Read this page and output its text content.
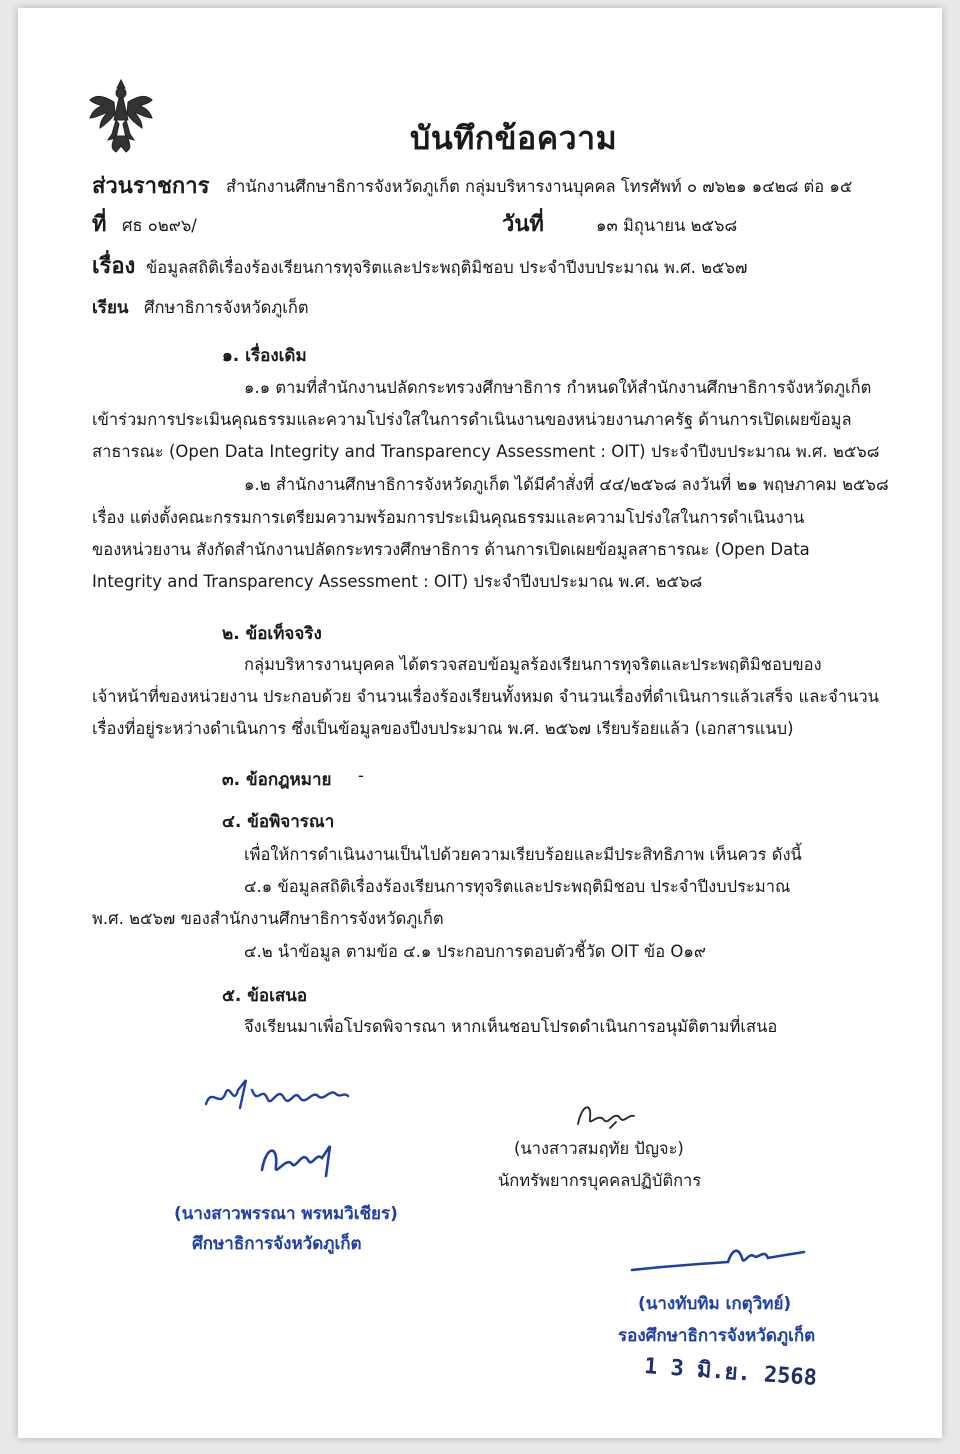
บันทึกข้อความ
ส่วนราชการ สำนักงานศึกษาธิการจังหวัดภูเก็ต กลุ่มบริหารงานบุคคล โทรศัพท์ ๐ ๗๖๒๑ ๑๔๒๘ ต่อ ๑๕
ที่ ศธ ๐๒๙๖/	วันที่	๑๓ มิถุนายน ๒๕๖๘
เรื่อง ข้อมูลสถิติเรื่องร้องเรียนการทุจริตและประพฤติมิชอบ ประจำปีงบประมาณ พ.ศ. ๒๕๖๗
เรียน ศึกษาธิการจังหวัดภูเก็ต
๑. เรื่องเดิม
๑.๑ ตามที่สำนักงานปลัดกระทรวงศึกษาธิการ กำหนดให้สำนักงานศึกษาธิการจังหวัดภูเก็ต
เข้าร่วมการประเมินคุณธรรมและความโปร่งใสในการดำเนินงานของหน่วยงานภาครัฐ ด้านการเปิดเผยข้อมูล
สาธารณะ (Open Data Integrity and Transparency Assessment : OIT) ประจำปีงบประมาณ พ.ศ. ๒๕๖๘
๑.๒ สำนักงานศึกษาธิการจังหวัดภูเก็ต ได้มีคำสั่งที่ ๔๔/๒๕๖๘ ลงวันที่ ๒๑ พฤษภาคม ๒๕๖๘
เรื่อง แต่งตั้งคณะกรรมการเตรียมความพร้อมการประเมินคุณธรรมและความโปร่งใสในการดำเนินงาน
ของหน่วยงาน สังกัดสำนักงานปลัดกระทรวงศึกษาธิการ ด้านการเปิดเผยข้อมูลสาธารณะ (Open Data
Integrity and Transparency Assessment : OIT) ประจำปีงบประมาณ พ.ศ. ๒๕๖๘
๒. ข้อเท็จจริง
กลุ่มบริหารงานบุคคล ได้ตรวจสอบข้อมูลร้องเรียนการทุจริตและประพฤติมิชอบของ
เจ้าหน้าที่ของหน่วยงาน ประกอบด้วย จำนวนเรื่องร้องเรียนทั้งหมด จำนวนเรื่องที่ดำเนินการแล้วเสร็จ และจำนวน
เรื่องที่อยู่ระหว่างดำเนินการ ซึ่งเป็นข้อมูลของปีงบประมาณ พ.ศ. ๒๕๖๗ เรียบร้อยแล้ว (เอกสารแนบ)
๓. ข้อกฎหมาย -
๔. ข้อพิจารณา
เพื่อให้การดำเนินงานเป็นไปด้วยความเรียบร้อยและมีประสิทธิภาพ เห็นควร ดังนี้
๔.๑ ข้อมูลสถิติเรื่องร้องเรียนการทุจริตและประพฤติมิชอบ ประจำปีงบประมาณ
พ.ศ. ๒๕๖๗ ของสำนักงานศึกษาธิการจังหวัดภูเก็ต
๔.๒ นำข้อมูล ตามข้อ ๔.๑ ประกอบการตอบตัวชี้วัด OIT ข้อ O๑๙
๕. ข้อเสนอ
จึงเรียนมาเพื่อโปรดพิจารณา หากเห็นชอบโปรดดำเนินการอนุมัติตามที่เสนอ
(นางสาวพรรณา พรหมวิเชียร)
ศึกษาธิการจังหวัดภูเก็ต
(นางสาวสมฤทัย ปัญจะ)
นักทรัพยากรบุคคลปฏิบัติการ
(นางทับทิม เกตุวิทย์)
รองศึกษาธิการจังหวัดภูเก็ต
1 3 มิ.ย. 2568
